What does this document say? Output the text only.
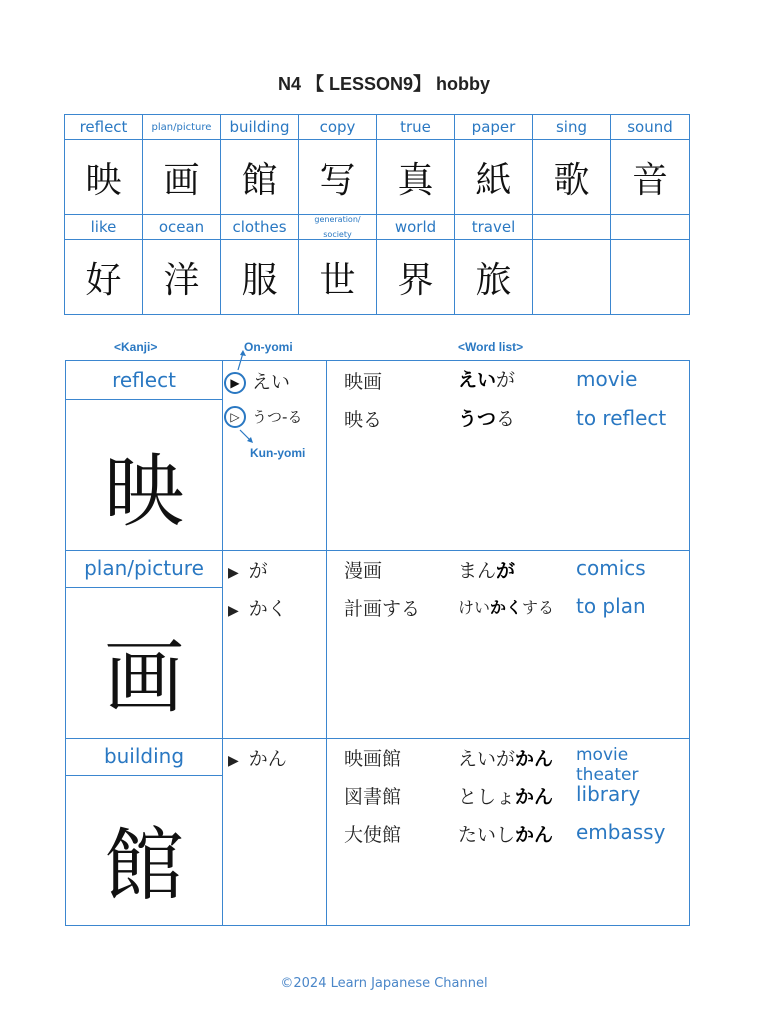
N4 【 LESSON9】 hobby
reflect	plan/picture	building	copy	true	paper	sing	sound
映	画	館	写	真	紙	歌	音
like	ocean	clothes	generation/ society	world	travel
好	洋	服	世	界	旅
<Kanji>	On-yomi	<Word list>
Kun-yomi
reflect
映
▶ えい
▷ うつ-る
映画	えいが	movie
映る	うつる	to reflect
plan/picture
画
▶ が
▶ かく
漫画	まんが	comics
計画する けいかくする to plan
building
館
▶ かん	映画館	えいがかん movie theater
図書館	としょかん library
大使館	たいしかん embassy
©2024 Learn Japanese Channel
